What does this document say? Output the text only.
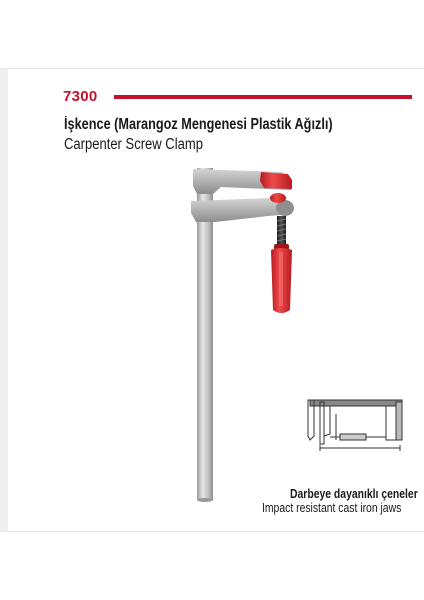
7300
İşkence (Marangoz Mengenesi Plastik Ağızlı)
Carpenter Screw Clamp
Darbeye dayanıklı çeneler
Impact resistant cast iron jaws
